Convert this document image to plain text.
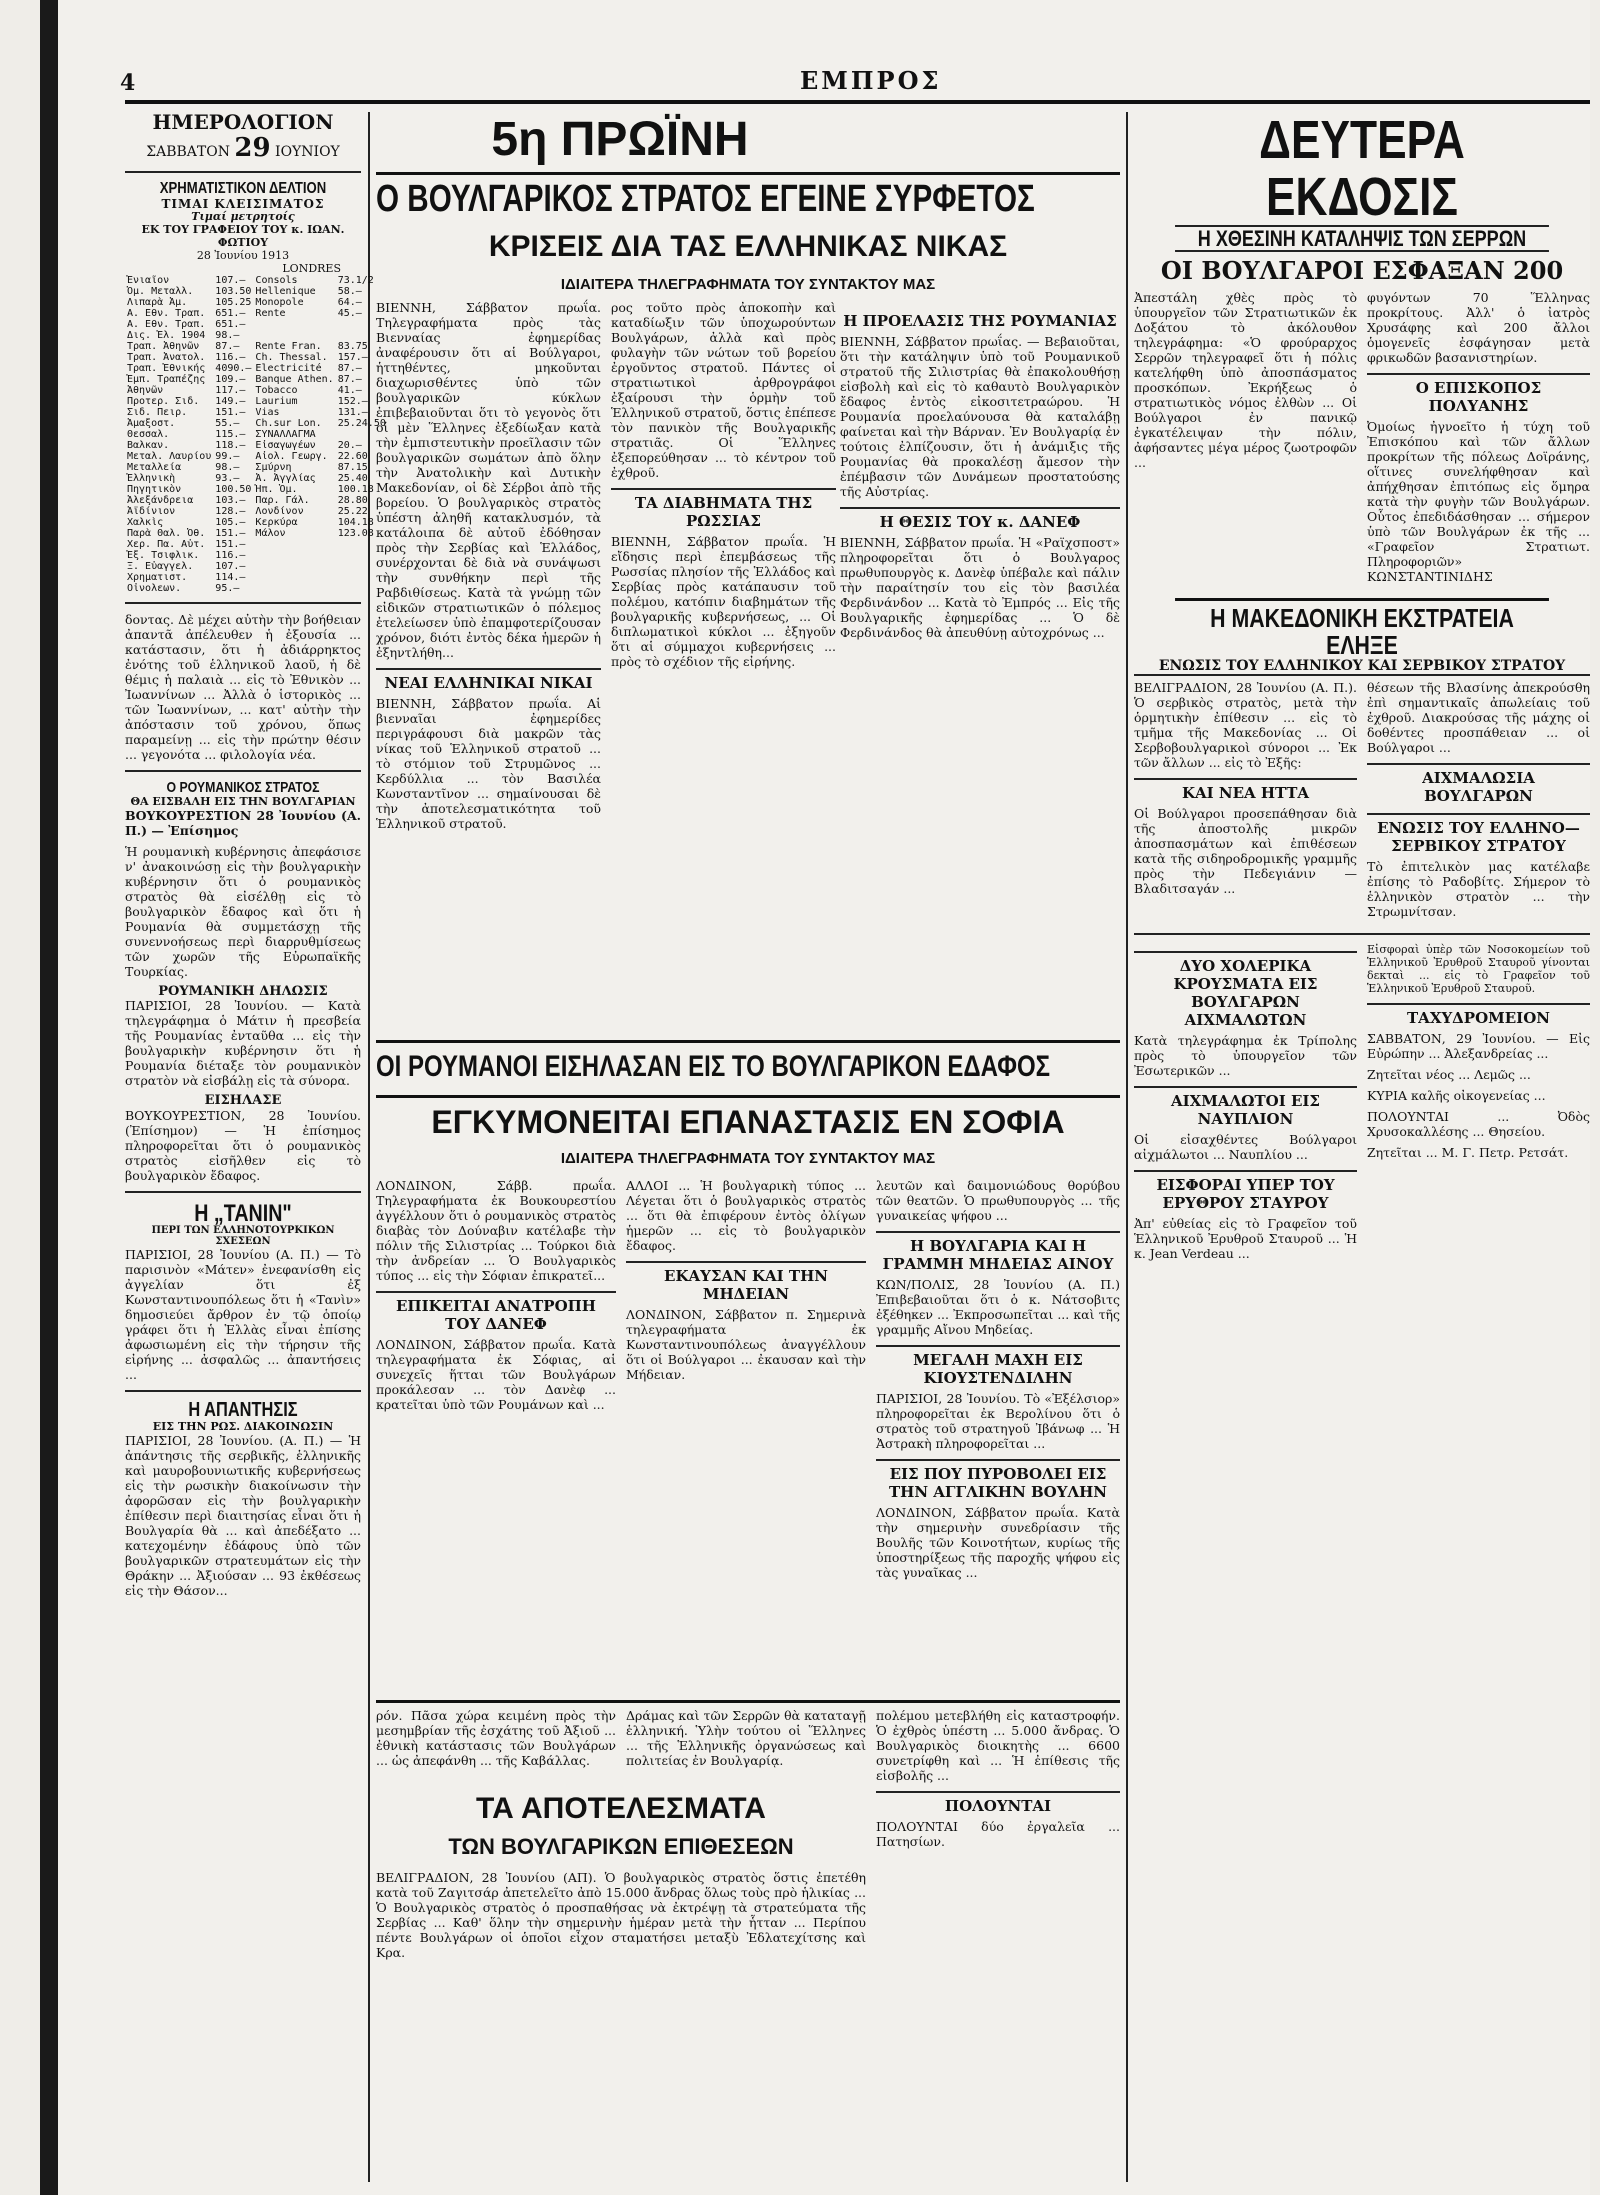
4	ΕΜΠΡΟΣ
ΗΜΕΡΟΛΟΓΙΟΝ
ΣΑΒΒΑΤΟΝ 29 ΙΟΥΝΙΟΥ
ΧΡΗΜΑΤΙΣΤΙΚΟΝ ΔΕΛΤΙΟΝ
ΤΙΜΑΙ ΚΛΕΙΣΙΜΑΤΟΣ
Τιμαί μετρητοίς
ΕΚ ΤΟΥ ΓΡΑΦΕΙΟΥ ΤΟΥ κ. ΙΩΑΝ. ΦΩΤΙΟΥ
28 Ἰουνίου 1913
LONDRES
Ἐνιαῖον	107.—	Consols	73.1/2
Ὀμ. Μεταλλ.	103.50	Hellenique	58.—
Λιπαρὰ Ἀμ.	105.25	Monopole	64.—
Α. Εθν. Τραπ.	651.—	Rente	45.—
Α. Εθν. Τραπ.	651.—		
Δις. Ἑλ. 1904	98.—		
Τραπ. Ἀθηνῶν	87.—	Rente Fran.	83.75
Τραπ. Ἀνατολ.	116.—	Ch. Thessal.	157.—
Τραπ. Ἐθνικής	4090.—	Electricité	87.—
Ἐμπ. Τραπέζης	109.—	Banque Athen.	87.—
Ἀθηνῶν	117.—	Tobacco	41.—
Προτερ. Σιδ.	149.—	Laurium	152.—
Σιδ. Πειρ.	151.—	Vias	131.—
Ἀμαξοστ.	55.—	Ch.sur Lon.	25.24.50
Θεσσαλ.	115.—	ΣΥΝΑΛΛΑΓΜΑ	
Βαλκαν.	118.—	Εἰσαγωγέων	20.—
Μεταλ. Λαυρίου	99.—	Αἰολ. Γεωργ.	22.60
Μεταλλεία	98.—	Σμύρνη	87.15
Ἑλληνικὴ	93.—	Ἀ. Ἀγγλίας	25.40
Πηγητικὸν	100.50	Ἡπ. Ὁμ.	100.18
Ἀλεξάνδρεια	103.—	Παρ. Γάλ.	28.80
Ἀϊδίνιον	128.—	Λονδίνον	25.22
Χαλκὶς	105.—	Κερκύρα	104.18
Παρὰ Θαλ. Ὀθ.	151.—	Μάλον	123.08
Χερ. Πα. Αὐτ.	151.—		
Ἐξ. Τσιφλικ.	116.—		
Ξ. Εὐαγγελ.	107.—		
Χρηματιστ.	114.—		
Οἰνολεων.	95.—		

δοντας. Δὲ μέχει αὐτὴν τὴν βοήθειαν ἀπαντᾶ ἀπέλευθεν ἡ ἐξουσία ... κατάστασιν, ὅτι ἡ ἀδιάρρηκτος ἐνότης τοῦ ἑλληνικοῦ λαοῦ, ἡ δὲ θέμις ἡ παλαιὰ ... εἰς τὸ Ἐθνικὸν ... Ἰωαννίνων ... Ἀλλὰ ὁ ἱστορικὸς ... τῶν Ἰωαννίνων, ... κατ' αὐτὴν τὴν ἀπόστασιν τοῦ χρόνου, ὅπως παραμείνῃ ... εἰς τὴν πρώτην θέσιν ... γεγονότα ... φιλολογία νέα.

Ο ΡΟΥΜΑΝΙΚΟΣ ΣΤΡΑΤΟΣ
ΘΑ ΕΙΣΒΑΛΗ ΕΙΣ ΤΗΝ ΒΟΥΛΓΑΡΙΑΝ

ΒΟΥΚΟΥΡΕΣΤΙΟΝ 28 Ἰουνίου (Α. Π.) — Ἐπίσημος

Ἡ ρουμανικὴ κυβέρνησις ἀπεφάσισε ν' ἀνακοινώσῃ εἰς τὴν βουλγαρικὴν κυβέρνησιν ὅτι ὁ ρουμανικὸς στρατὸς θὰ εἰσέλθῃ εἰς τὸ βουλγαρικὸν ἔδαφος καὶ ὅτι ἡ Ρουμανία θὰ συμμετάσχῃ τῆς συνεννοήσεως περὶ διαρρυθμίσεως τῶν χωρῶν τῆς Εὐρωπαϊκῆς Τουρκίας.

ΡΟΥΜΑΝΙΚΗ ΔΗΛΩΣΙΣ

ΠΑΡΙΣΙΟΙ, 28 Ἰουνίου. — Κατὰ τηλεγράφημα ὁ Μάτιν ἡ πρεσβεία τῆς Ρουμανίας ἐνταῦθα ... εἰς τὴν βουλγαρικὴν κυβέρνησιν ὅτι ἡ Ρουμανία διέταξε τὸν ρουμανικὸν στρατὸν νὰ εἰσβάλῃ εἰς τὰ σύνορα.

ΕΙΣΗΛΑΣΕ

ΒΟΥΚΟΥΡΕΣΤΙΟΝ, 28 Ἰουνίου. (Ἐπίσημον) — Ἡ ἐπίσημος πληροφορεῖται ὅτι ὁ ρουμανικὸς στρατὸς εἰσῆλθεν εἰς τὸ βουλγαρικὸν ἔδαφος.

Η „ΤΑΝΙΝ"
ΠΕΡΙ ΤΩΝ ΕΛΛΗΝΟΤΟΥΡΚΙΚΩΝ ΣΧΕΣΕΩΝ

ΠΑΡΙΣΙΟΙ, 28 Ἰουνίου (Α. Π.) — Τὸ παρισινὸν «Μάτεν» ἐνεφανίσθη εἰς ἀγγελίαν ὅτι ἐξ Κωνσταντινουπόλεως ὅτι ἡ «Τανὶν» δημοσιεύει ἄρθρον ἐν τῷ ὁποίῳ γράφει ὅτι ἡ Ἑλλὰς εἶναι ἐπίσης ἀφωσιωμένη εἰς τὴν τήρησιν τῆς εἰρήνης ... ἀσφαλῶς ... ἀπαντήσεις ...

Η ΑΠΑΝΤΗΣΙΣ
ΕΙΣ ΤΗΝ ΡΩΣ. ΔΙΑΚΟΙΝΩΣΙΝ

ΠΑΡΙΣΙΟΙ, 28 Ἰουνίου. (Α. Π.) — Ἡ ἀπάντησις τῆς σερβικῆς, ἑλληνικῆς καὶ μαυροβουνιωτικῆς κυβερνήσεως εἰς τὴν ρωσικὴν διακοίνωσιν τὴν ἀφορῶσαν εἰς τὴν βουλγαρικὴν ἐπίθεσιν περὶ διαιτησίας εἶναι ὅτι ἡ Βουλγαρία θὰ ... καὶ ἀπεδέξατο ... κατεχομένην ἐδάφους ὑπὸ τῶν βουλγαρικῶν στρατευμάτων εἰς τὴν Θράκην ... Ἀξιούσαν ... 93 ἐκθέσεως εἰς τὴν Θάσον...

5η ΠΡΩΪΝΗ
Ο ΒΟΥΛΓΑΡΙΚΟΣ ΣΤΡΑΤΟΣ ΕΓΕΙΝΕ ΣΥΡΦΕΤΟΣ
ΚΡΙΣΕΙΣ ΔΙΑ ΤΑΣ ΕΛΛΗΝΙΚΑΣ ΝΙΚΑΣ
ΙΔΙΑΙΤΕΡΑ ΤΗΛΕΓΡΑΦΗΜΑΤΑ ΤΟΥ ΣΥΝΤΑΚΤΟΥ ΜΑΣ

ΒΙΕΝΝΗ, Σάββατον πρωΐα. Τηλεγραφήματα πρὸς τὰς Βιενναίας ἐφημερίδας ἀναφέρουσιν ὅτι αἱ Βούλγαροι, ἡττηθέντες, μηκοῦνται διαχωρισθέντες ὑπὸ τῶν βουλγαρικῶν κύκλων ἐπιβεβαιοῦνται ὅτι τὸ γεγονὸς ὅτι οἱ μὲν Ἕλληνες ἐξεδίωξαν κατὰ τὴν ἐμπιστευτικὴν προεῖλασιν τῶν βουλγαρικῶν σωμάτων ἀπὸ ὅλην τὴν Ἀνατολικὴν καὶ Δυτικὴν Μακεδονίαν, οἱ δὲ Σέρβοι ἀπὸ τῆς βορείου. Ὁ βουλγαρικὸς στρατὸς ὑπέστη ἀληθῆ κατακλυσμόν, τὰ κατάλοιπα δὲ αὐτοῦ ἐδόθησαν πρὸς τὴν Σερβίας καὶ Ἑλλάδος, συνέρχονται δὲ διὰ νὰ συνάψωσι τὴν συνθήκην περὶ τῆς Ραβδιθίσεως. Κατὰ τὰ γνώμῃ τῶν εἰδικῶν στρατιωτικῶν ὁ πόλεμος ἐτελείωσεν ὑπὸ ἐπαμφοτερίζουσαν χρόνον, διότι ἐντὸς δέκα ἡμερῶν ἡ ἐξηντλήθη...

ΝΕΑΙ ΕΛΛΗΝΙΚΑΙ ΝΙΚΑΙ

ΒΙΕΝΝΗ, Σάββατον πρωΐα. Αἱ βιενναῖαι ἐφημερίδες περιγράφουσι διὰ μακρῶν τὰς νίκας τοῦ Ἑλληνικοῦ στρατοῦ ... τὸ στόμιον τοῦ Στρυμῶνος ... Κερδύλλια ... τὸν Βασιλέα Κωνσταντῖνον ... σημαίνουσαι δὲ τὴν ἀποτελεσματικότητα τοῦ Ἑλληνικοῦ στρατοῦ.

ρος τοῦτο πρὸς ἀποκοπὴν καὶ καταδίωξιν τῶν ὑποχωρούντων Βουλγάρων, ἀλλὰ καὶ πρὸς φυλαγὴν τῶν νώτων τοῦ βορείου ἐργοῦντος στρατοῦ. Πάντες οἱ στρατιωτικοὶ ἀρθρογράφοι ἐξαίρουσι τὴν ὁρμὴν τοῦ Ἑλληνικοῦ στρατοῦ, ὅστις ἐπέπεσε τὸν πανικὸν τῆς Βουλγαρικῆς στρατιᾶς. Οἱ Ἕλληνες ἐξεπορεύθησαν ... τὸ κέντρον τοῦ ἐχθροῦ.

ΤΑ ΔΙΑΒΗΜΑΤΑ ΤΗΣ ΡΩΣΣΙΑΣ

ΒΙΕΝΝΗ, Σάββατον πρωΐα. Ἡ εἴδησις περὶ ἐπεμβάσεως τῆς Ρωσσίας πλησίον τῆς Ἑλλάδος καὶ Σερβίας πρὸς κατάπαυσιν τοῦ πολέμου, κατόπιν διαβημάτων τῆς βουλγαρικῆς κυβερνήσεως, ... Οἱ διπλωματικοὶ κύκλοι ... ἐξηγοῦν ὅτι αἱ σύμμαχοι κυβερνήσεις ... πρὸς τὸ σχέδιον τῆς εἰρήνης.

Η ΠΡΟΕΛΑΣΙΣ ΤΗΣ ΡΟΥΜΑΝΙΑΣ

ΒΙΕΝΝΗ, Σάββατον πρωΐας. — Βεβαιοῦται, ὅτι τὴν κατάληψιν ὑπὸ τοῦ Ρουμανικοῦ στρατοῦ τῆς Σιλιστρίας θὰ ἐπακολουθήσῃ εἰσβολὴ καὶ εἰς τὸ καθαυτὸ Βουλγαρικὸν ἔδαφος ἐντὸς εἰκοσιτετραώρου. Ἡ Ρουμανία προελαύνουσα θὰ καταλάβῃ φαίνεται καὶ τὴν Βάρναν. Ἐν Βουλγαρίᾳ ἐν τούτοις ἐλπίζουσιν, ὅτι ἡ ἀνάμιξις τῆς Ρουμανίας θὰ προκαλέσῃ ἄμεσον τὴν ἐπέμβασιν τῶν Δυνάμεων προστατούσης τῆς Αὐστρίας.

Η ΘΕΣΙΣ ΤΟΥ κ. ΔΑΝΕΦ

ΒΙΕΝΝΗ, Σάββατον πρωΐα. Ἡ «Ραϊχσποστ» πληροφορεῖται ὅτι ὁ Βουλγαρος πρωθυπουργὸς κ. Δανὲφ ὑπέβαλε καὶ πάλιν τὴν παραίτησίν του εἰς τὸν βασιλέα Φερδινάνδον ... Κατὰ τὸ Ἐμπρός ... Εἰς τῆς Βουλγαρικῆς ἐφημερίδας ... Ὁ δὲ Φερδινάνδος θὰ ἀπευθύνῃ αὐτοχρόνως ...

ΟΙ ΡΟΥΜΑΝΟΙ ΕΙΣΗΛΑΣΑΝ ΕΙΣ ΤΟ ΒΟΥΛΓΑΡΙΚΟΝ ΕΔΑΦΟΣ
ΕΓΚΥΜΟΝΕΙΤΑΙ ΕΠΑΝΑΣΤΑΣΙΣ ΕΝ ΣΟΦΙΑ
ΙΔΙΑΙΤΕΡΑ ΤΗΛΕΓΡΑΦΗΜΑΤΑ ΤΟΥ ΣΥΝΤΑΚΤΟΥ ΜΑΣ

ΛΟΝΔΙΝΟΝ, Σάββ. πρωΐα. Τηλεγραφήματα ἐκ Βουκουρεστίου ἀγγέλλουν ὅτι ὁ ρουμανικὸς στρατὸς διαβὰς τὸν Δούναβιν κατέλαβε τὴν πόλιν τῆς Σιλιστρίας ... Τούρκοι διὰ τὴν ἀνδρείαν ... Ὁ Βουλγαρικὸς τύπος ... εἰς τὴν Σόφιαν ἐπικρατεῖ...

ΕΠΙΚΕΙΤΑΙ ΑΝΑΤΡΟΠΗ ΤΟΥ ΔΑΝΕΦ

ΛΟΝΔΙΝΟΝ, Σάββατον πρωΐα. Κατὰ τηλεγραφήματα ἐκ Σόφιας, αἱ συνεχεῖς ἥτται τῶν Βουλγάρων προκάλεσαν ... τὸν Δανὲφ ... κρατεῖται ὑπὸ τῶν Ρουμάνων καὶ ...

ΑΛΛΟΙ ... Ἡ βουλγαρικὴ τύπος ... Λέγεται ὅτι ὁ βουλγαρικὸς στρατὸς ... ὅτι θὰ ἐπιφέρουν ἐντὸς ὀλίγων ἡμερῶν ... εἰς τὸ βουλγαρικὸν ἔδαφος.

ΕΚΑΥΣΑΝ ΚΑΙ ΤΗΝ ΜΗΔΕΙΑΝ

ΛΟΝΔΙΝΟΝ, Σάββατον π. Σημερινὰ τηλεγραφήματα ἐκ Κωνσταντινουπόλεως ἀναγγέλλουν ὅτι οἱ Βούλγαροι ... ἐκαυσαν καὶ τὴν Μήδειαν.

λευτῶν καὶ δαιμονιώδους θορύβου τῶν θεατῶν. Ὁ πρωθυπουργὸς ... τῆς γυναικείας ψήφου ...

Η ΒΟΥΛΓΑΡΙΑ ΚΑΙ Η ΓΡΑΜΜΗ ΜΗΔΕΙΑΣ ΑΙΝΟΥ

ΚΩΝ/ΠΟΛΙΣ, 28 Ἰουνίου (Α. Π.) Ἐπιβεβαιοῦται ὅτι ὁ κ. Νάτσοβιτς ἐξέθηκεν ... Ἐκπροσωπεῖται ... καὶ τῆς γραμμῆς Αἴνου Μηδείας.

ΜΕΓΑΛΗ ΜΑΧΗ ΕΙΣ ΚΙΟΥΣΤΕΝΔΙΛΗΝ

ΠΑΡΙΣΙΟΙ, 28 Ἰουνίου. Τὸ «Ἐξέλσιορ» πληροφορεῖται ἐκ Βερολίνου ὅτι ὁ στρατὸς τοῦ στρατηγοῦ Ἰβάνωφ ... Ἡ Ἀστρακὴ πληροφορεῖται ...

ΕΙΣ ΠΟΥ ΠΥΡΟΒΟΛΕΙ ΕΙΣ ΤΗΝ ΑΓΓΛΙΚΗΝ ΒΟΥΛΗΝ

ΛΟΝΔΙΝΟΝ, Σάββατον πρωΐα. Κατὰ τὴν σημερινὴν συνεδρίασιν τῆς Βουλῆς τῶν Κοινοτήτων, κυρίως τῆς ὑποστηρίξεως τῆς παροχῆς ψήφου εἰς τὰς γυναῖκας ...

ρόν. Πᾶσα χώρα κειμένη πρὸς τὴν μεσημβρίαν τῆς ἐσχάτης τοῦ Ἀξιοῦ ... ἐθνικὴ κατάστασις τῶν Βουλγάρων ... ὡς ἀπεφάνθη ... τῆς Καβάλλας.

Δράμας καὶ τῶν Σερρῶν θὰ καταταγῇ ἑλληνική. Ὑλὴν τούτου οἱ Ἕλληνες ... τῆς Ἑλληνικῆς ὀργανώσεως καὶ πολιτείας ἐν Βουλγαρίᾳ.

πολέμου μετεβλήθη εἰς καταστροφήν. Ὁ ἐχθρὸς ὑπέστη ... 5.000 ἄνδρας. Ὁ Βουλγαρικὸς διοικητὴς ... 6600 συνετρίφθη καὶ ... Ἡ ἐπίθεσις τῆς εἰσβολῆς ...

ΠΟΛΟΥΝΤΑΙ

ΠΟΛΟΥΝΤΑΙ δύο ἐργαλεῖα ... Πατησίων.

ΤΑ ΑΠΟΤΕΛΕΣΜΑΤΑ
ΤΩΝ ΒΟΥΛΓΑΡΙΚΩΝ ΕΠΙΘΕΣΕΩΝ

ΒΕΛΙΓΡΑΔΙΟΝ, 28 Ἰουνίου (ΑΠ). Ὁ βουλγαρικὸς στρατὸς ὅστις ἐπετέθη κατὰ τοῦ Ζαγιτσάρ ἀπετελεῖτο ἀπὸ 15.000 ἄνδρας ὅλως τοὺς πρὸ ἡλικίας ... Ὁ Βουλγαρικὸς στρατὸς ὁ προσπαθήσας νὰ ἐκτρέψῃ τὰ στρατεύματα τῆς Σερβίας ... Καθ' ὅλην τὴν σημερινὴν ἡμέραν μετὰ τὴν ἧτταν ... Περίπου πέντε Βουλγάρων οἱ ὁποῖοι εἶχον σταματήσει μεταξὺ Ἐδλατεχίτσης καὶ Κρα.

ΔΕΥΤΕΡΑ ΕΚΔΟΣΙΣ
Η ΧΘΕΣΙΝΗ ΚΑΤΑΛΗΨΙΣ ΤΩΝ ΣΕΡΡΩΝ
ΟΙ ΒΟΥΛΓΑΡΟΙ ΕΣΦΑΞΑΝ 200

Ἀπεστάλη χθὲς πρὸς τὸ ὑπουργεῖον τῶν Στρατιωτικῶν ἐκ Δοξάτου τὸ ἀκόλουθον τηλεγράφημα: «Ὁ φρούραρχος Σερρῶν τηλεγραφεῖ ὅτι ἡ πόλις κατελήφθη ὑπὸ ἀποσπάσματος προσκόπων. Ἐκρήξεως ὁ στρατιωτικὸς νόμος ἐλθὼν ... Οἱ Βούλγαροι ἐν πανικῷ ἐγκατέλειψαν τὴν πόλιν, ἀφήσαντες μέγα μέρος ζωοτροφῶν ...

φυγόντων 70 Ἕλληνας προκρίτους. Ἀλλ' ὁ ἰατρὸς Χρυσάφης καὶ 200 ἄλλοι ὁμογενεῖς ἐσφάγησαν μετὰ φρικωδῶν βασανιστηρίων.

Ο ΕΠΙΣΚΟΠΟΣ ΠΟΛΥΑΝΗΣ

Ὀμοίως ἠγνοεῖτο ἡ τύχη τοῦ Ἐπισκόπου καὶ τῶν ἄλλων προκρίτων τῆς πόλεως Δοϊράνης, οἵτινες συνελήφθησαν καὶ ἀπήχθησαν ἐπιτόπως εἰς ὅμηρα κατὰ τὴν φυγὴν τῶν Βουλγάρων. Οὗτος ἐπεδιδάσθησαν ... σήμερον ὑπὸ τῶν Βουλγάρων ἐκ τῆς ... «Γραφεῖον Στρατιωτ. Πληροφοριῶν» ΚΩΝΣΤΑΝΤΙΝΙΔΗΣ

Η ΜΑΚΕΔΟΝΙΚΗ ΕΚΣΤΡΑΤΕΙΑ ΕΛΗΞΕ
ΕΝΩΣΙΣ ΤΟΥ ΕΛΛΗΝΙΚΟΥ ΚΑΙ ΣΕΡΒΙΚΟΥ ΣΤΡΑΤΟΥ

ΒΕΛΙΓΡΑΔΙΟΝ, 28 Ἰουνίου (Α. Π.). Ὁ σερβικὸς στρατὸς, μετὰ τὴν ὁρμητικὴν ἐπίθεσιν ... εἰς τὸ τμῆμα τῆς Μακεδονίας ... Οἱ Σερβοβουλγαρικοὶ σύνοροι ... Ἐκ τῶν ἄλλων ... εἰς τὸ Ἐξῆς:

ΚΑΙ ΝΕΑ ΗΤΤΑ

Οἱ Βούλγαροι προσεπάθησαν διὰ τῆς ἀποστολῆς μικρῶν ἀποσπασμάτων καὶ ἐπιθέσεων κατὰ τῆς σιδηροδρομικῆς γραμμῆς πρὸς τὴν Πεδεγιάνιν — Βλαδιτσαγάν ...

θέσεων τῆς Βλασίνης ἀπεκρούσθη ἐπὶ σημαντικαῖς ἀπωλείαις τοῦ ἐχθροῦ. Διακρούσας τῆς μάχης οἱ δοθέντες προσπάθειαν ... οἱ Βούλγαροι ...

ΑΙΧΜΑΛΩΣΙΑ ΒΟΥΛΓΑΡΩΝ
ΕΝΩΣΙΣ ΤΟΥ ΕΛΛΗΝΟ—ΣΕΡΒΙΚΟΥ ΣΤΡΑΤΟΥ

Τὸ ἐπιτελικὸν μας κατέλαβε ἐπίσης τὸ Ραδοβίτς. Σήμερον τὸ ἑλληνικὸν στρατὸν ... τὴν Στρωμνίτσαν.

ΔΥΟ ΧΟΛΕΡΙΚΑ ΚΡΟΥΣΜΑΤΑ ΕΙΣ ΒΟΥΛΓΑΡΩΝ ΑΙΧΜΑΛΩΤΩΝ

Κατὰ τηλεγράφημα ἐκ Τρίπολης πρὸς τὸ ὑπουργεῖον τῶν Ἐσωτερικῶν ...

ΑΙΧΜΑΛΩΤΟΙ ΕΙΣ ΝΑΥΠΛΙΟΝ

Οἱ εἰσαχθέντες Βούλγαροι αἰχμάλωτοι ... Ναυπλίου ...

ΕΙΣΦΟΡΑΙ ΥΠΕΡ ΤΟΥ ΕΡΥΘΡΟΥ ΣΤΑΥΡΟΥ

Ἀπ' εὐθείας εἰς τὸ Γραφεῖον τοῦ Ἑλληνικοῦ Ἐρυθροῦ Σταυροῦ ... Ἡ κ. Jean Verdeau ...

Εἰσφοραὶ ὑπὲρ τῶν Νοσοκομείων τοῦ Ἑλληνικοῦ Ἐρυθροῦ Σταυροῦ γίνονται δεκταὶ ... εἰς τὸ Γραφεῖον τοῦ Ἑλληνικοῦ Ἐρυθροῦ Σταυροῦ.

ΤΑΧΥΔΡΟΜΕΙΟΝ

ΣΑΒΒΑΤΟΝ, 29 Ἰουνίου. — Εἰς Εὐρώπην ... Ἀλεξανδρείας ...

Ζητεῖται νέος ... Λεμῶς ...

ΚΥΡΙΑ καλῆς οἰκογενείας ...

ΠΟΛΟΥΝΤΑΙ ... Ὀδὸς Χρυσοκαλλέσης ... Θησείου.

Ζητεῖται ... Μ. Γ. Πετρ. Ρετσάτ.
